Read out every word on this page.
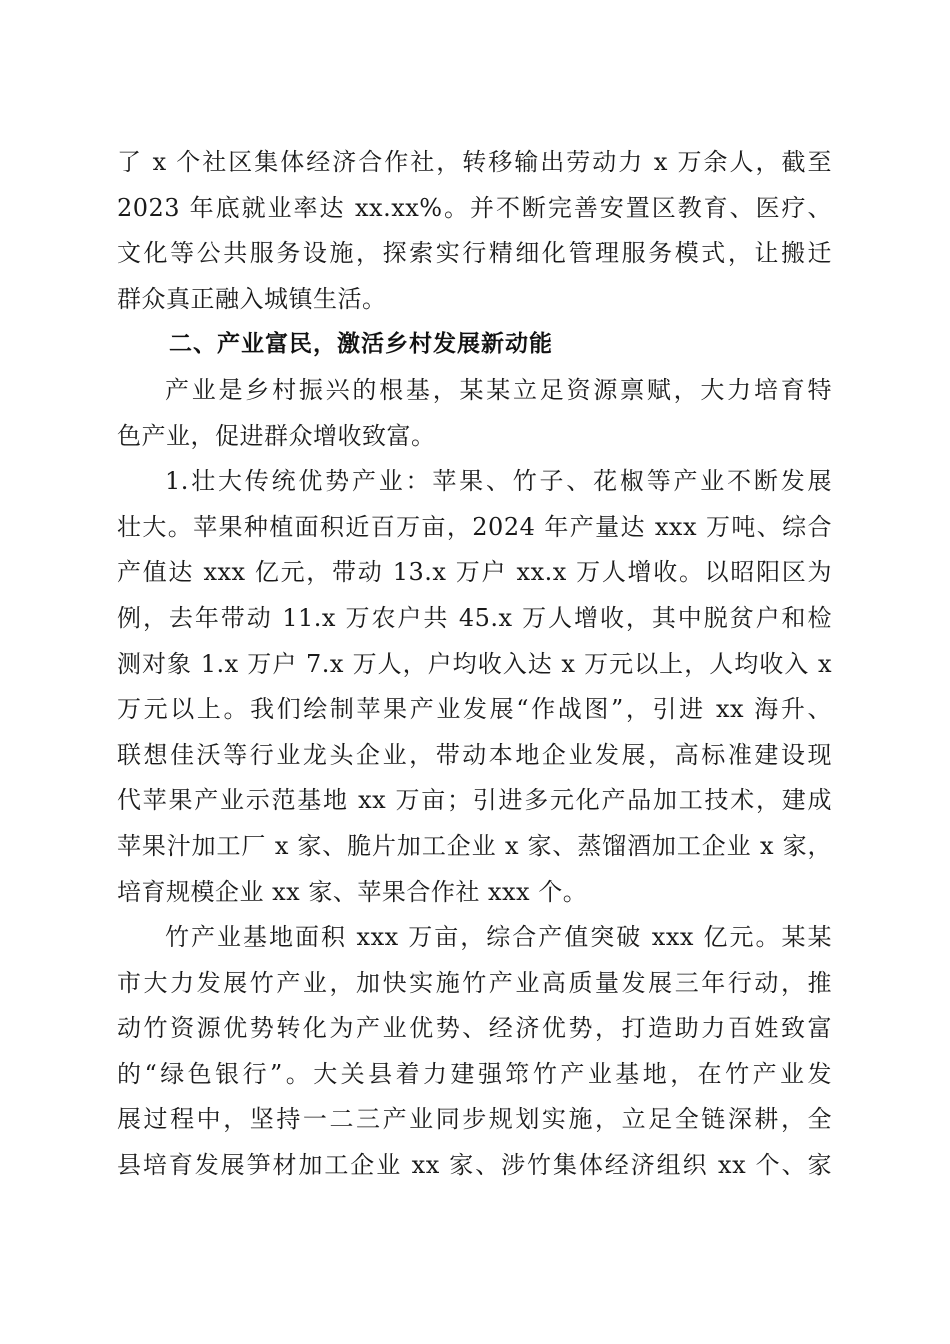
了 x 个社区集体经济合作社，转移输出劳动力 x 万余人，截至
2023 年底就业率达 xx.xx%。并不断完善安置区教育、医疗、
文化等公共服务设施，探索实行精细化管理服务模式，让搬迁
群众真正融入城镇生活。
二、产业富民，激活乡村发展新动能
产业是乡村振兴的根基，某某立足资源禀赋，大力培育特
色产业，促进群众增收致富。
1.壮大传统优势产业：苹果、竹子、花椒等产业不断发展
壮大。苹果种植面积近百万亩，2024 年产量达 xxx 万吨、综合
产值达 xxx 亿元，带动 13.x 万户 xx.x 万人增收。以昭阳区为
例，去年带动 11.x 万农户共 45.x 万人增收，其中脱贫户和检
测对象 1.x 万户 7.x 万人，户均收入达 x 万元以上，人均收入 x
万元以上。我们绘制苹果产业发展“作战图”，引进 xx 海升、
联想佳沃等行业龙头企业，带动本地企业发展，高标准建设现
代苹果产业示范基地 xx 万亩；引进多元化产品加工技术，建成
苹果汁加工厂 x 家、脆片加工企业 x 家、蒸馏酒加工企业 x 家，
培育规模企业 xx 家、苹果合作社 xxx 个。
竹产业基地面积 xxx 万亩，综合产值突破 xxx 亿元。某某
市大力发展竹产业，加快实施竹产业高质量发展三年行动，推
动竹资源优势转化为产业优势、经济优势，打造助力百姓致富
的“绿色银行”。大关县着力建强筇竹产业基地，在竹产业发
展过程中，坚持一二三产业同步规划实施，立足全链深耕，全
县培育发展笋材加工企业 xx 家、涉竹集体经济组织 xx 个、家
